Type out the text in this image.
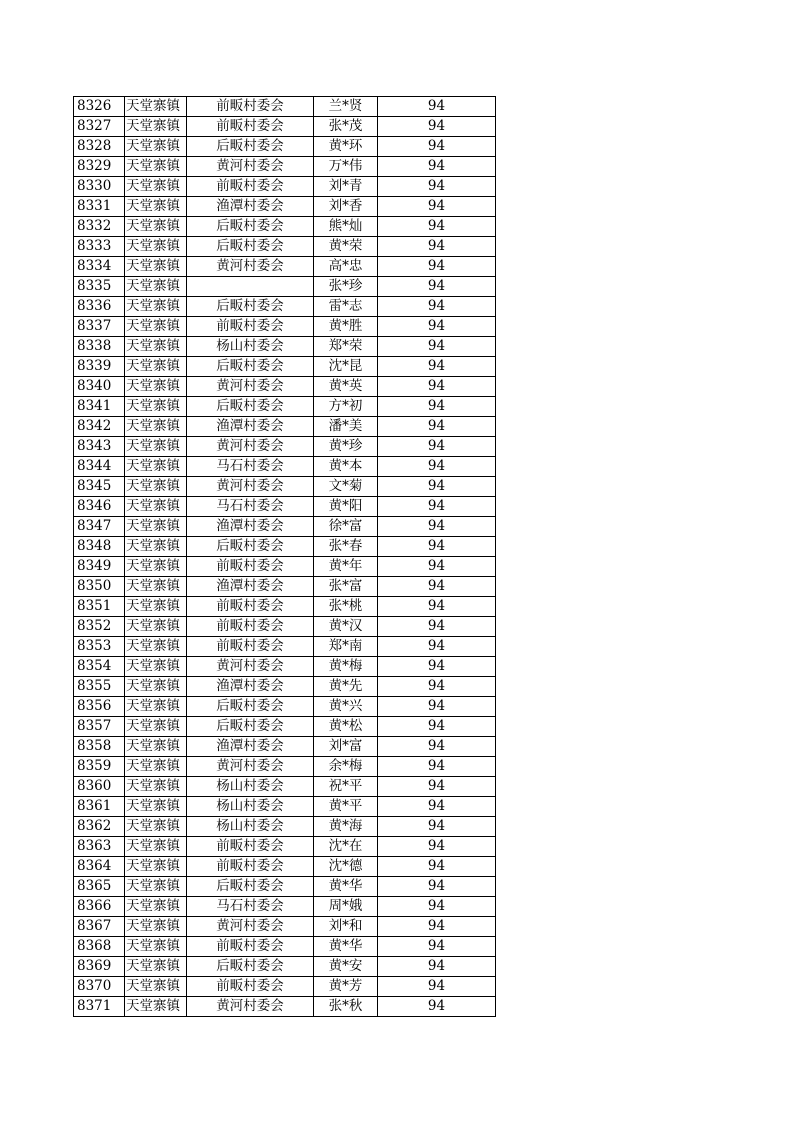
8326	天堂寨镇	前畈村委会	兰*贤	94
8327	天堂寨镇	前畈村委会	张*茂	94
8328	天堂寨镇	后畈村委会	黄*环	94
8329	天堂寨镇	黄河村委会	万*伟	94
8330	天堂寨镇	前畈村委会	刘*青	94
8331	天堂寨镇	渔潭村委会	刘*香	94
8332	天堂寨镇	后畈村委会	熊*灿	94
8333	天堂寨镇	后畈村委会	黄*荣	94
8334	天堂寨镇	黄河村委会	高*忠	94
8335	天堂寨镇		张*珍	94
8336	天堂寨镇	后畈村委会	雷*志	94
8337	天堂寨镇	前畈村委会	黄*胜	94
8338	天堂寨镇	杨山村委会	郑*荣	94
8339	天堂寨镇	后畈村委会	沈*昆	94
8340	天堂寨镇	黄河村委会	黄*英	94
8341	天堂寨镇	后畈村委会	方*初	94
8342	天堂寨镇	渔潭村委会	潘*美	94
8343	天堂寨镇	黄河村委会	黄*珍	94
8344	天堂寨镇	马石村委会	黄*本	94
8345	天堂寨镇	黄河村委会	文*菊	94
8346	天堂寨镇	马石村委会	黄*阳	94
8347	天堂寨镇	渔潭村委会	徐*富	94
8348	天堂寨镇	后畈村委会	张*春	94
8349	天堂寨镇	前畈村委会	黄*年	94
8350	天堂寨镇	渔潭村委会	张*富	94
8351	天堂寨镇	前畈村委会	张*桃	94
8352	天堂寨镇	前畈村委会	黄*汉	94
8353	天堂寨镇	前畈村委会	郑*南	94
8354	天堂寨镇	黄河村委会	黄*梅	94
8355	天堂寨镇	渔潭村委会	黄*先	94
8356	天堂寨镇	后畈村委会	黄*兴	94
8357	天堂寨镇	后畈村委会	黄*松	94
8358	天堂寨镇	渔潭村委会	刘*富	94
8359	天堂寨镇	黄河村委会	余*梅	94
8360	天堂寨镇	杨山村委会	祝*平	94
8361	天堂寨镇	杨山村委会	黄*平	94
8362	天堂寨镇	杨山村委会	黄*海	94
8363	天堂寨镇	前畈村委会	沈*在	94
8364	天堂寨镇	前畈村委会	沈*德	94
8365	天堂寨镇	后畈村委会	黄*华	94
8366	天堂寨镇	马石村委会	周*娥	94
8367	天堂寨镇	黄河村委会	刘*和	94
8368	天堂寨镇	前畈村委会	黄*华	94
8369	天堂寨镇	后畈村委会	黄*安	94
8370	天堂寨镇	前畈村委会	黄*芳	94
8371	天堂寨镇	黄河村委会	张*秋	94
